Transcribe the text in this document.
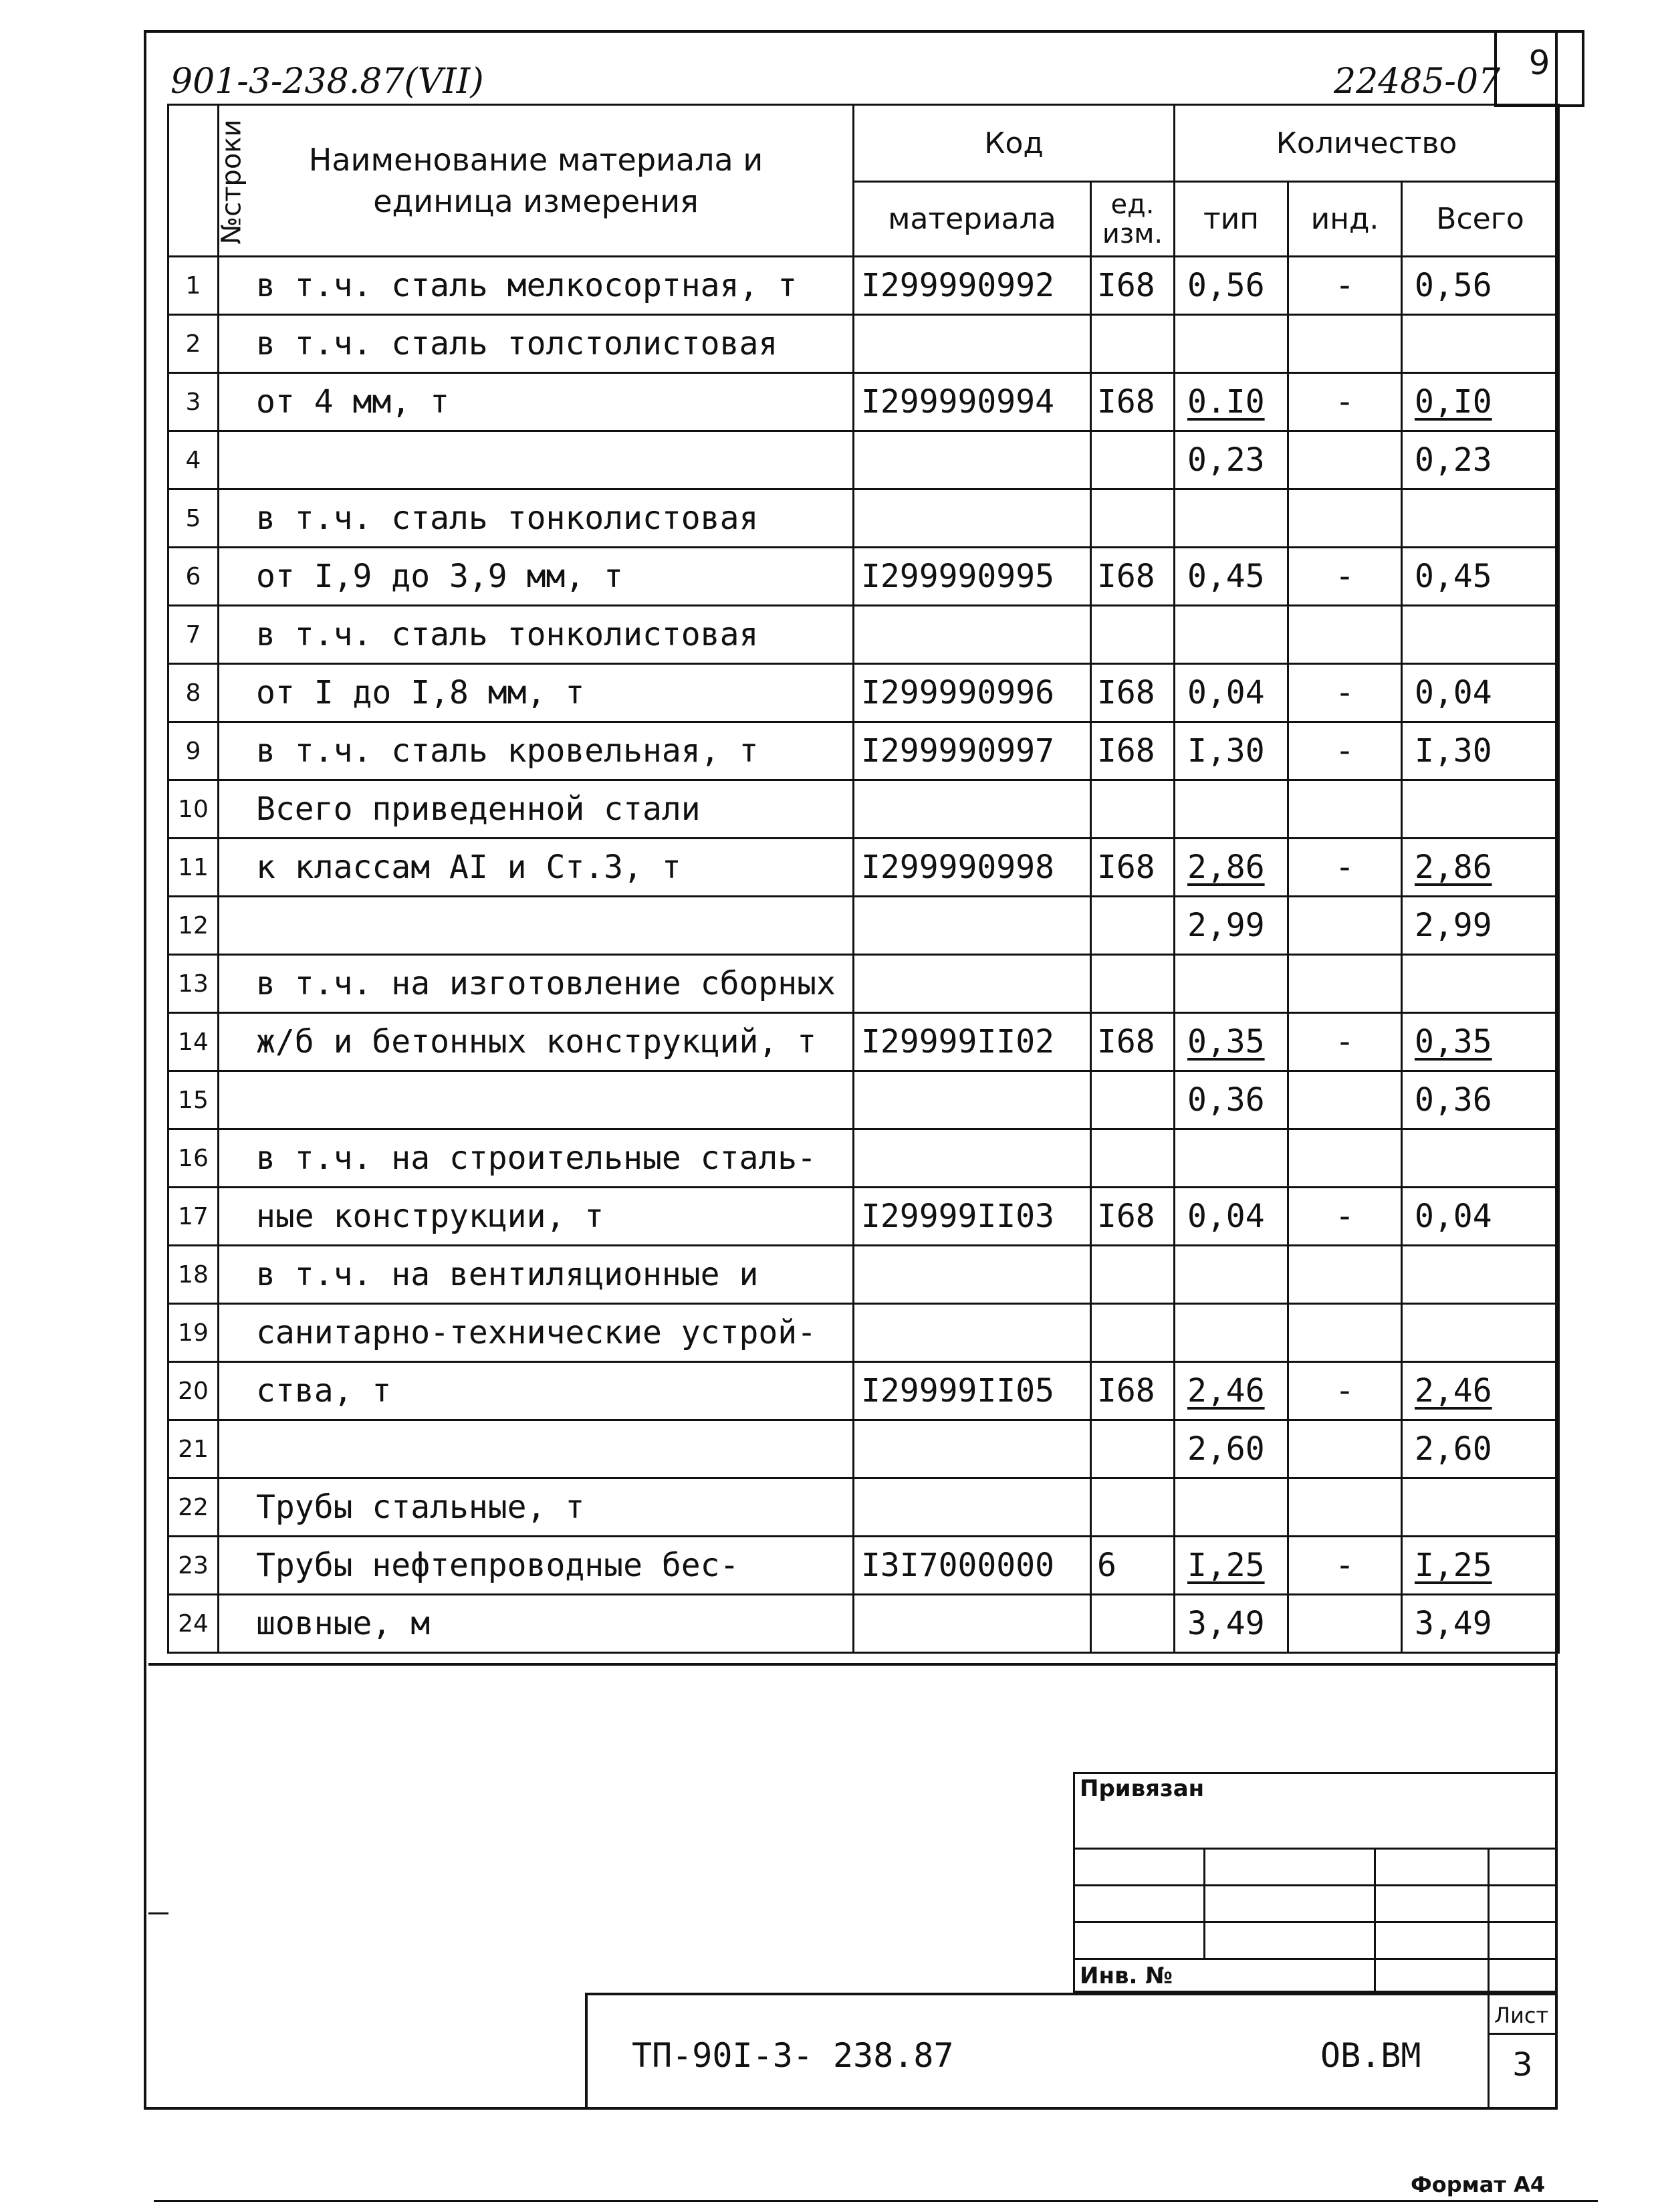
9
901-3-238.87(VII)	22485-07
№строки	Наименование материала и единица измерения	Код		Количество		
		материала	ед. изм.	тип	инд.	Всего
1	в т.ч. сталь мелкосортная, т	I299990992	I68	0,56	-	0,56
2	в т.ч. сталь толстолистовая					
3	от 4 мм, т	I299990994	I68	0.I0	-	0,I0
4				0,23		0,23
5	в т.ч. сталь тонколистовая					
6	от I,9 до 3,9 мм, т	I299990995	I68	0,45	-	0,45
7	в т.ч. сталь тонколистовая					
8	от I до I,8 мм, т	I299990996	I68	0,04	-	0,04
9	в т.ч. сталь кровельная, т	I299990997	I68	I,30	-	I,30
10	Всего приведенной стали					
11	к классам AI и Ст.3, т	I299990998	I68	2,86	-	2,86
12				2,99		2,99
13	в т.ч. на изготовление сборных					
14	ж/б и бетонных конструкций, т	I29999II02	I68	0,35	-	0,35
15				0,36		0,36
16	в т.ч. на строительные сталь-					
17	ные конструкции, т	I29999II03	I68	0,04	-	0,04
18	в т.ч. на вентиляционные и					
19	санитарно-технические устрой-					
20	ства, т	I29999II05	I68	2,46	-	2,46
21				2,60		2,60
22	Трубы стальные, т					
23	Трубы нефтепроводные бес-	I3I7000000	6	I,25	-	I,25
24	шовные, м			3,49		3,49
Привязан
Инв. №
ТП-90I-3- 238.87	ОВ.ВМ
Лист
3
Формат А4
